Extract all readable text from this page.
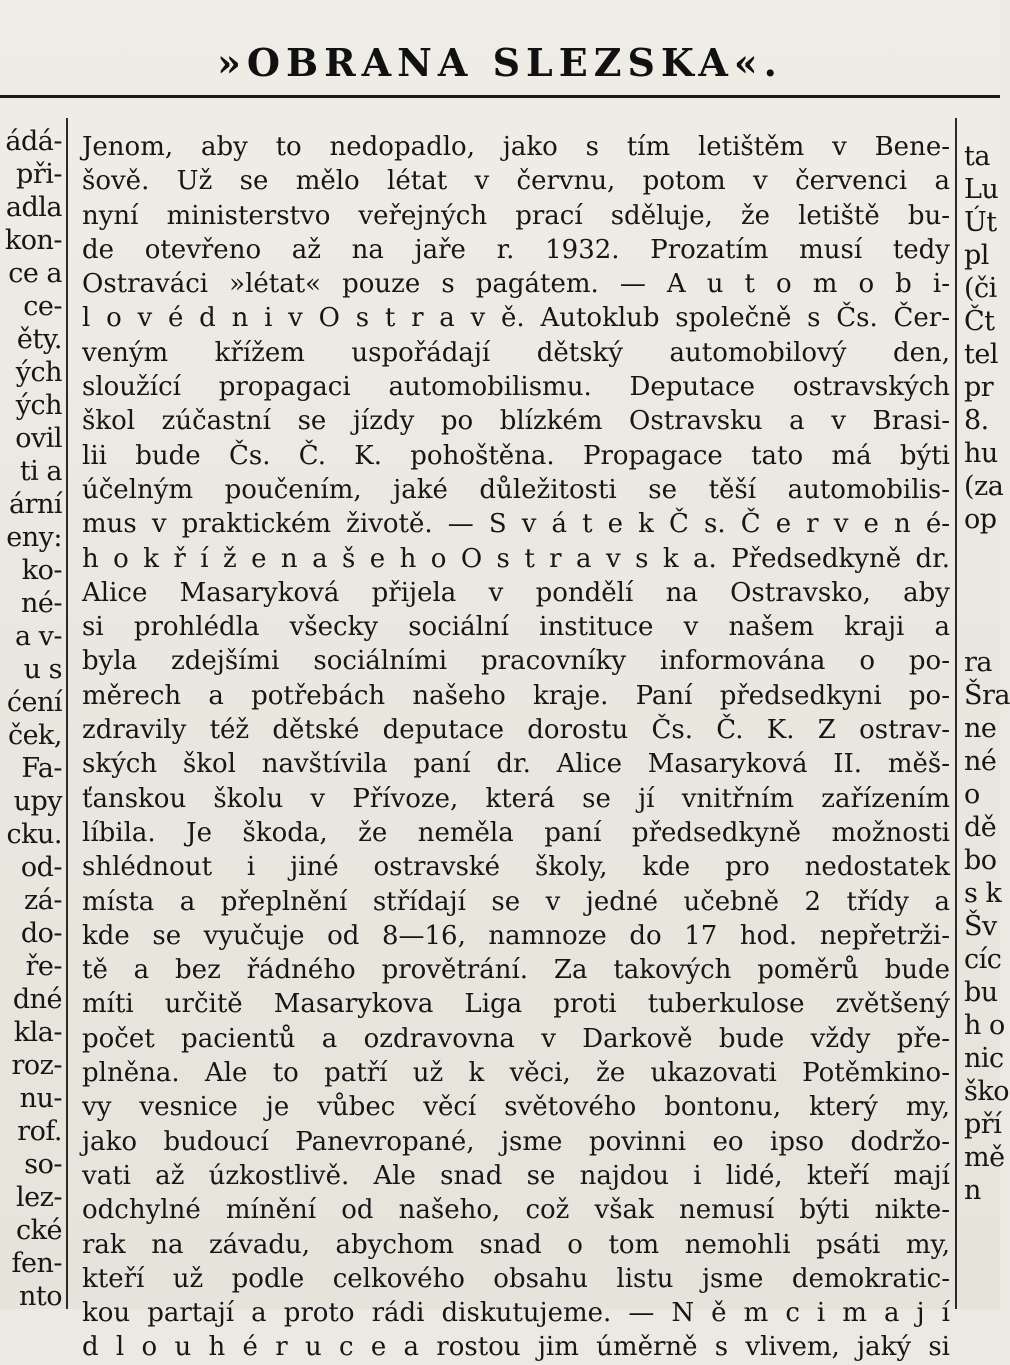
»OBRANA SLEZSKA«.
ádá-
při-
adla
kon-
ce a
ce-
ěty.
ých
ých
ovil
ti a
ární
eny:
ko-
né-
a v-
u s
ćení
ček,
Fa-
upy
cku.
od-
zá-
do-
ře-
dné
kla-
roz-
nu-
rof.
so-
lez-
cké
fen-
nto
ta
Lu
Út
pl
(či
Čt
tel
pr
8.
hu
(za
op
ra
Šra
ne
né
o
dě
bo
s k
Šv
cíc
bu
h o
nic
ško
pří
mě
n
Jenom, aby to nedopadlo, jako s tím letištěm v Bene-
šově. Už se mělo létat v červnu, potom v červenci a
nyní ministerstvo veřejných prací sděluje, že letiště bu-
de otevřeno až na jaře r. 1932. Prozatím musí tedy
Ostraváci »létat« pouze s pagátem. — A u t o m o b i-
l o v é d n i v O s t r a v ě. Autoklub společně s Čs. Čer-
veným křížem uspořádají dětský automobilový den,
sloužící propagaci automobilismu. Deputace ostravských
škol zúčastní se jízdy po blízkém Ostravsku a v Brasi-
lii bude Čs. Č. K. pohoštěna. Propagace tato má býti
účelným poučením, jaké důležitosti se těší automobilis-
mus v praktickém životě. — S v á t e k Č s. Č e r v e n é-
h o k ř í ž e n a š e h o O s t r a v s k a. Předsedkyně dr.
Alice Masaryková přijela v pondělí na Ostravsko, aby
si prohlédla všecky sociální instituce v našem kraji a
byla zdejšími sociálními pracovníky informována o po-
měrech a potřebách našeho kraje. Paní předsedkyni po-
zdravily též dětské deputace dorostu Čs. Č. K. Z ostrav-
ských škol navštívila paní dr. Alice Masaryková II. měš-
ťanskou školu v Přívoze, která se jí vnitřním zařízením
líbila. Je škoda, že neměla paní předsedkyně možnosti
shlédnout i jiné ostravské školy, kde pro nedostatek
místa a přeplnění střídají se v jedné učebně 2 třídy a
kde se vyučuje od 8—16, namnoze do 17 hod. nepřetrži-
tě a bez řádného provětrání. Za takových poměrů bude
míti určitě Masarykova Liga proti tuberkulose zvětšený
počet pacientů a ozdravovna v Darkově bude vždy pře-
plněna. Ale to patří už k věci, že ukazovati Potěmkino-
vy vesnice je vůbec věcí světového bontonu, který my,
jako budoucí Panevropané, jsme povinni eo ipso dodržo-
vati až úzkostlivě. Ale snad se najdou i lidé, kteří mají
odchylné mínění od našeho, což však nemusí býti nikte-
rak na závadu, abychom snad o tom nemohli psáti my,
kteří už podle celkového obsahu listu jsme demokratic-
kou partají a proto rádi diskutujeme. — N ě m c i m a j í
d l o u h é r u c e a rostou jim úměrně s vlivem, jaký si
